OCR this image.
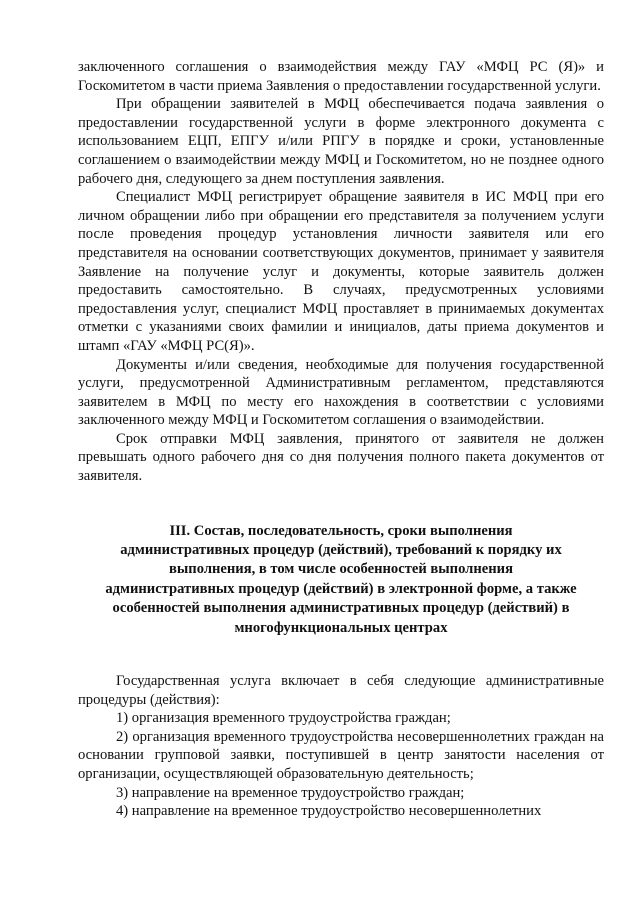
заключенного соглашения о взаимодействия между ГАУ «МФЦ РС (Я)» и Госкомитетом в части приема Заявления о предоставлении государственной услуги.

При обращении заявителей в МФЦ обеспечивается подача заявления о предоставлении государственной услуги в форме электронного документа с использованием ЕЦП, ЕПГУ и/или РПГУ в порядке и сроки, установленные соглашением о взаимодействии между МФЦ и Госкомитетом, но не позднее одного рабочего дня, следующего за днем поступления заявления.

Специалист МФЦ регистрирует обращение заявителя в ИС МФЦ при его личном обращении либо при обращении его представителя за получением услуги после проведения процедур установления личности заявителя или его представителя на основании соответствующих документов, принимает у заявителя Заявление на получение услуг и документы, которые заявитель должен предоставить самостоятельно. В случаях, предусмотренных условиями предоставления услуг, специалист МФЦ проставляет в принимаемых документах отметки с указаниями своих фамилии и инициалов, даты приема документов и штамп «ГАУ «МФЦ РС(Я)».

Документы и/или сведения, необходимые для получения государственной услуги, предусмотренной Административным регламентом, представляются заявителем в МФЦ по месту его нахождения в соответствии с условиями заключенного между МФЦ и Госкомитетом соглашения о взаимодействии.

Срок отправки МФЦ заявления, принятого от заявителя не должен превышать одного рабочего дня со дня получения полного пакета документов от заявителя.

III. Состав, последовательность, сроки выполнения административных процедур (действий), требований к порядку их выполнения, в том числе особенностей выполнения административных процедур (действий) в электронной форме, а также особенностей выполнения административных процедур (действий) в многофункциональных центрах

Государственная услуга включает в себя следующие административные процедуры (действия):

1) организация временного трудоустройства граждан;

2) организация временного трудоустройства несовершеннолетних граждан на основании групповой заявки, поступившей в центр занятости населения от организации, осуществляющей образовательную деятельность;

3) направление на временное трудоустройство граждан;

4) направление на временное трудоустройство несовершеннолетних
